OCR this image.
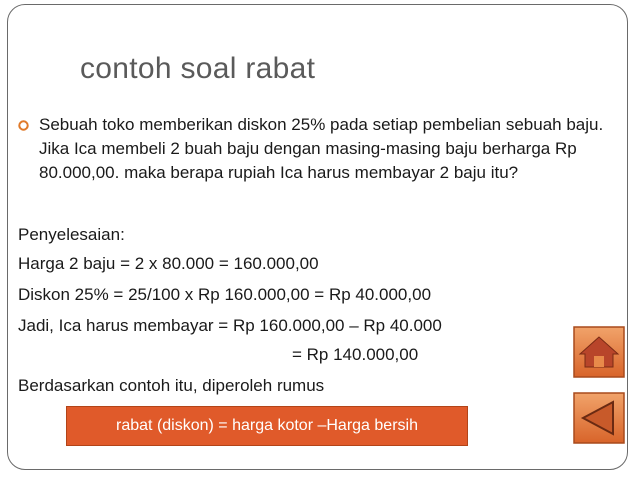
contoh soal rabat
Sebuah toko memberikan diskon 25% pada setiap pembelian sebuah baju. Jika Ica membeli 2 buah baju dengan masing-masing baju berharga Rp 80.000,00. maka berapa rupiah Ica harus membayar 2 baju itu?
Penyelesaian:
Harga 2 baju = 2 x 80.000 = 160.000,00
Diskon 25% = 25/100 x Rp 160.000,00 = Rp 40.000,00
Jadi, Ica harus membayar = Rp 160.000,00 – Rp 40.000
= Rp 140.000,00
Berdasarkan contoh itu, diperoleh rumus
rabat (diskon) = harga kotor –Harga bersih
